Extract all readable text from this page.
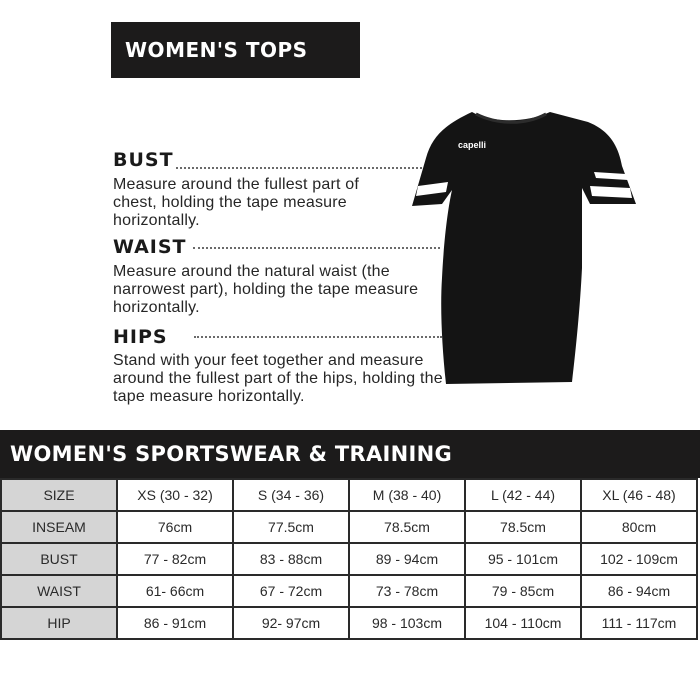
WOMEN'S TOPS
BUST
Measure around the fullest part of chest, holding the tape measure horizontally.
WAIST
Measure around the natural waist (the narrowest part), holding the tape measure horizontally.
HIPS
Stand with your feet together and measure around the fullest part of the hips, holding the tape measure horizontally.
capelli
WOMEN'S SPORTSWEAR & TRAINING
SIZE	XS (30 - 32)	S (34 - 36)	M (38 - 40)	L (42 - 44)	XL (46 - 48)
INSEAM	76cm	77.5cm	78.5cm	78.5cm	80cm
BUST	77 - 82cm	83 - 88cm	89 - 94cm	95 - 101cm	102 - 109cm
WAIST	61- 66cm	67 - 72cm	73 - 78cm	79 - 85cm	86 - 94cm
HIP	86 - 91cm	92- 97cm	98 - 103cm	104 - 110cm	111 - 117cm
